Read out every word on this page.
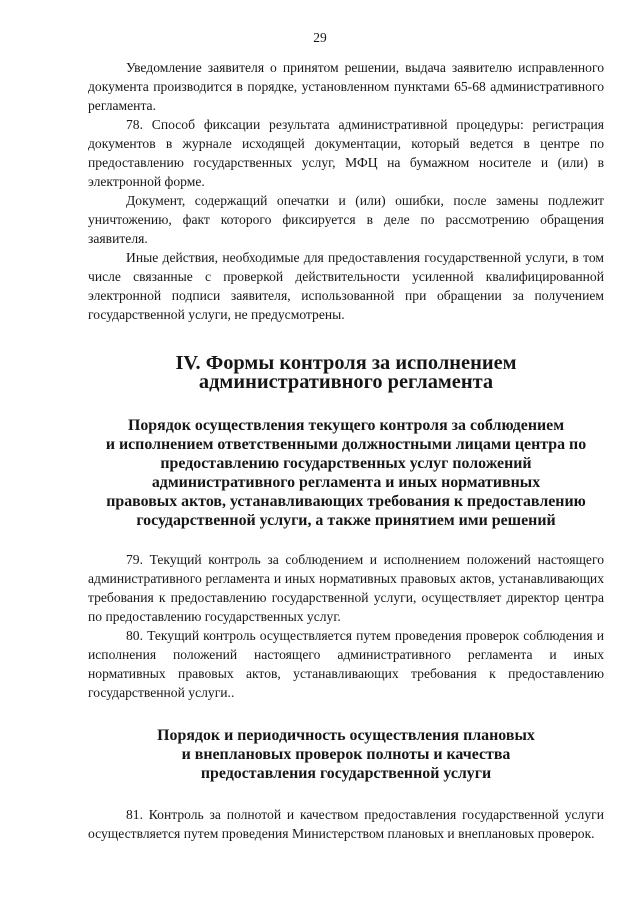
29

Уведомление заявителя о принятом решении, выдача заявителю исправленного документа производится в порядке, установленном пунктами 65-68 административного регламента.

78. Способ фиксации результата административной процедуры: регистрация документов в журнале исходящей документации, который ведется в центре по предоставлению государственных услуг, МФЦ на бумажном носителе и (или) в электронной форме.

Документ, содержащий опечатки и (или) ошибки, после замены подлежит уничтожению, факт которого фиксируется в деле по рассмотрению обращения заявителя.

Иные действия, необходимые для предоставления государственной услуги, в том числе связанные с проверкой действительности усиленной квалифицированной электронной подписи заявителя, использованной при обращении за получением государственной услуги, не предусмотрены.

IV. Формы контроля за исполнением
административного регламента
Порядок осуществления текущего контроля за соблюдением
и исполнением ответственными должностными лицами центра по
предоставлению государственных услуг положений
административного регламента и иных нормативных
правовых актов, устанавливающих требования к предоставлению
государственной услуги, а также принятием ими решений

79. Текущий контроль за соблюдением и исполнением положений настоящего административного регламента и иных нормативных правовых актов, устанавливающих требования к предоставлению государственной услуги, осуществляет директор центра по предоставлению государственных услуг.

80. Текущий контроль осуществляется путем проведения проверок соблюдения и исполнения положений настоящего административного регламента и иных нормативных правовых актов, устанавливающих требования к предоставлению государственной услуги..

Порядок и периодичность осуществления плановых
и внеплановых проверок полноты и качества
предоставления государственной услуги

81. Контроль за полнотой и качеством предоставления государственной услуги осуществляется путем проведения Министерством плановых и внеплановых проверок.
